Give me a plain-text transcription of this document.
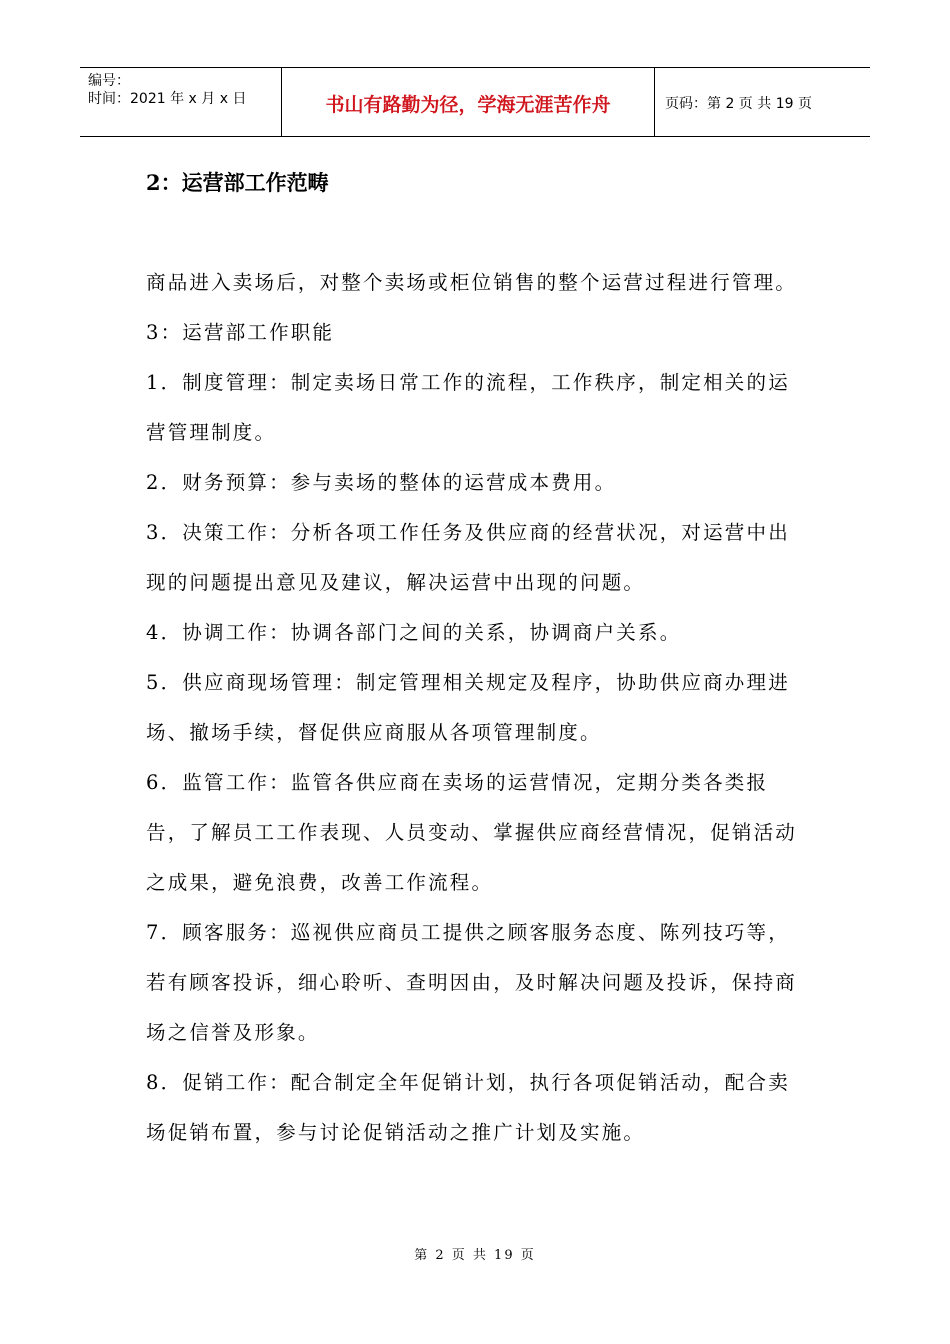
编号：
时间：2021 年 x 月 x 日	书山有路勤为径，学海无涯苦作舟	页码：第 2 页 共 19 页
2：运营部工作范畴

商品进入卖场后，对整个卖场或柜位销售的整个运营过程进行管理。

3：运营部工作职能

1．制度管理：制定卖场日常工作的流程，工作秩序，制定相关的运营管理制度。

2．财务预算：参与卖场的整体的运营成本费用。

3．决策工作：分析各项工作任务及供应商的经营状况，对运营中出现的问题提出意见及建议，解决运营中出现的问题。

4．协调工作：协调各部门之间的关系，协调商户关系。

5．供应商现场管理：制定管理相关规定及程序，协助供应商办理进场、撤场手续，督促供应商服从各项管理制度。

6．监管工作：监管各供应商在卖场的运营情况，定期分类各类报告，了解员工工作表现、人员变动、掌握供应商经营情况，促销活动之成果，避免浪费，改善工作流程。

7．顾客服务：巡视供应商员工提供之顾客服务态度、陈列技巧等，若有顾客投诉，细心聆听、查明因由，及时解决问题及投诉，保持商场之信誉及形象。

8．促销工作：配合制定全年促销计划，执行各项促销活动，配合卖场促销布置，参与讨论促销活动之推广计划及实施。

第 2 页 共 19 页
